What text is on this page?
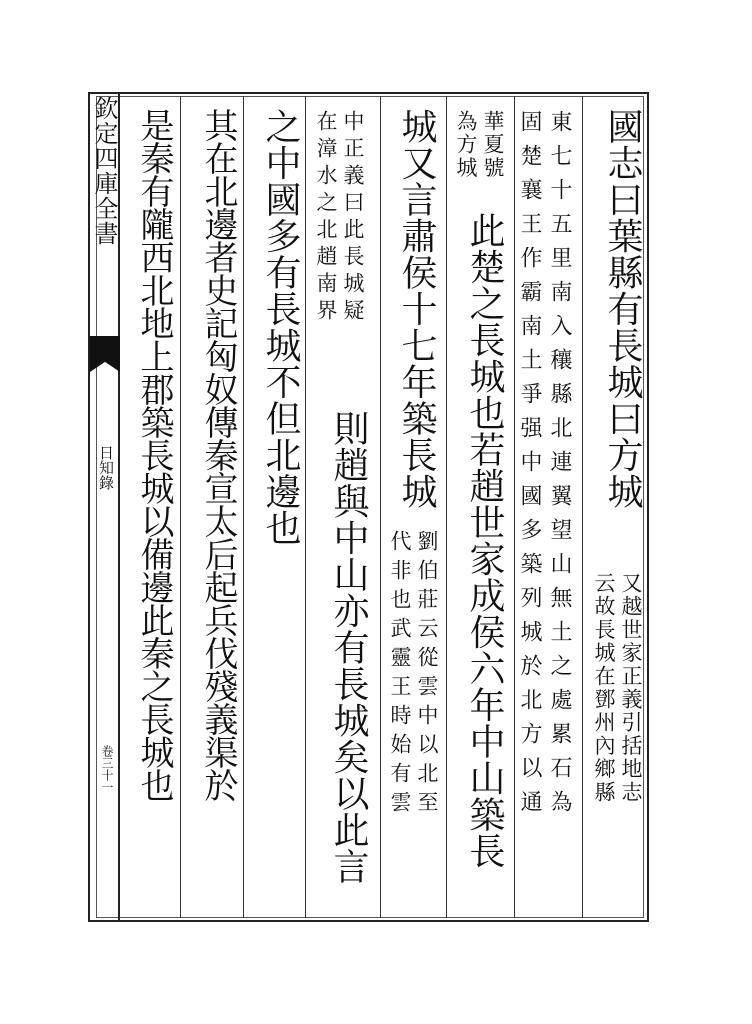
欽定四庫全書
日知錄
卷三十一
國志曰葉縣有長城曰方城
又越世家正義引括地志
云故長城在鄧州內鄉縣
東七十五里南入穰縣北連翼望山無土之處累石為
固楚襄王作霸南土爭强中國多築列城於北方以通
華夏號
為方城
此楚之長城也若趙世家成侯六年中山築長
城又言肅侯十七年築長城
劉伯莊云從雲中以北至
代非也武靈王時始有雲
中正義曰此長城疑
在漳水之北趙南界
則趙與中山亦有長城矣以此言
之中國多有長城不但北邊也
其在北邊者史記匈奴傳秦宣太后起兵伐殘義渠於
是秦有隴西北地上郡築長城以備邊此秦之長城也
